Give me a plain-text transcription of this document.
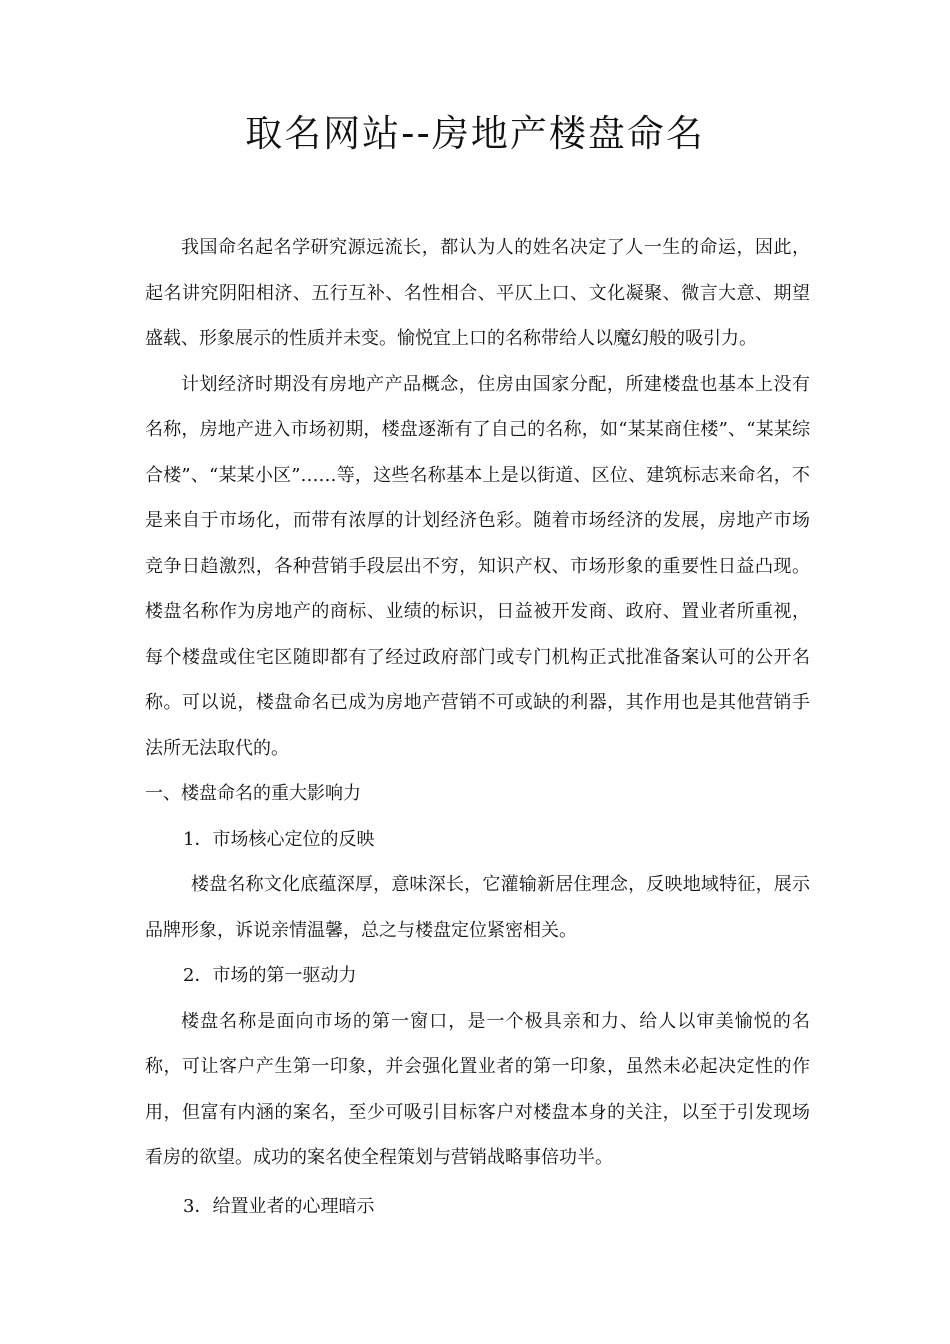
取名网站--房地产楼盘命名

我国命名起名学研究源远流长，都认为人的姓名决定了人一生的命运，因此，起名讲究阴阳相济、五行互补、名性相合、平仄上口、文化凝聚、微言大意、期望盛载、形象展示的性质并未变。愉悦宜上口的名称带给人以魔幻般的吸引力。

计划经济时期没有房地产产品概念，住房由国家分配，所建楼盘也基本上没有名称，房地产进入市场初期，楼盘逐渐有了自己的名称，如“某某商住楼”、“某某综合楼”、“某某小区”……等，这些名称基本上是以街道、区位、建筑标志来命名，不是来自于市场化，而带有浓厚的计划经济色彩。随着市场经济的发展，房地产市场竞争日趋激烈，各种营销手段层出不穷，知识产权、市场形象的重要性日益凸现。楼盘名称作为房地产的商标、业绩的标识，日益被开发商、政府、置业者所重视，每个楼盘或住宅区随即都有了经过政府部门或专门机构正式批准备案认可的公开名称。可以说，楼盘命名已成为房地产营销不可或缺的利器，其作用也是其他营销手法所无法取代的。

一、楼盘命名的重大影响力

1．市场核心定位的反映

楼盘名称文化底蕴深厚，意味深长，它灌输新居住理念，反映地域特征，展示品牌形象，诉说亲情温馨，总之与楼盘定位紧密相关。

2．市场的第一驱动力

楼盘名称是面向市场的第一窗口，是一个极具亲和力、给人以审美愉悦的名称，可让客户产生第一印象，并会强化置业者的第一印象，虽然未必起决定性的作用，但富有内涵的案名，至少可吸引目标客户对楼盘本身的关注，以至于引发现场看房的欲望。成功的案名使全程策划与营销战略事倍功半。

3．给置业者的心理暗示
